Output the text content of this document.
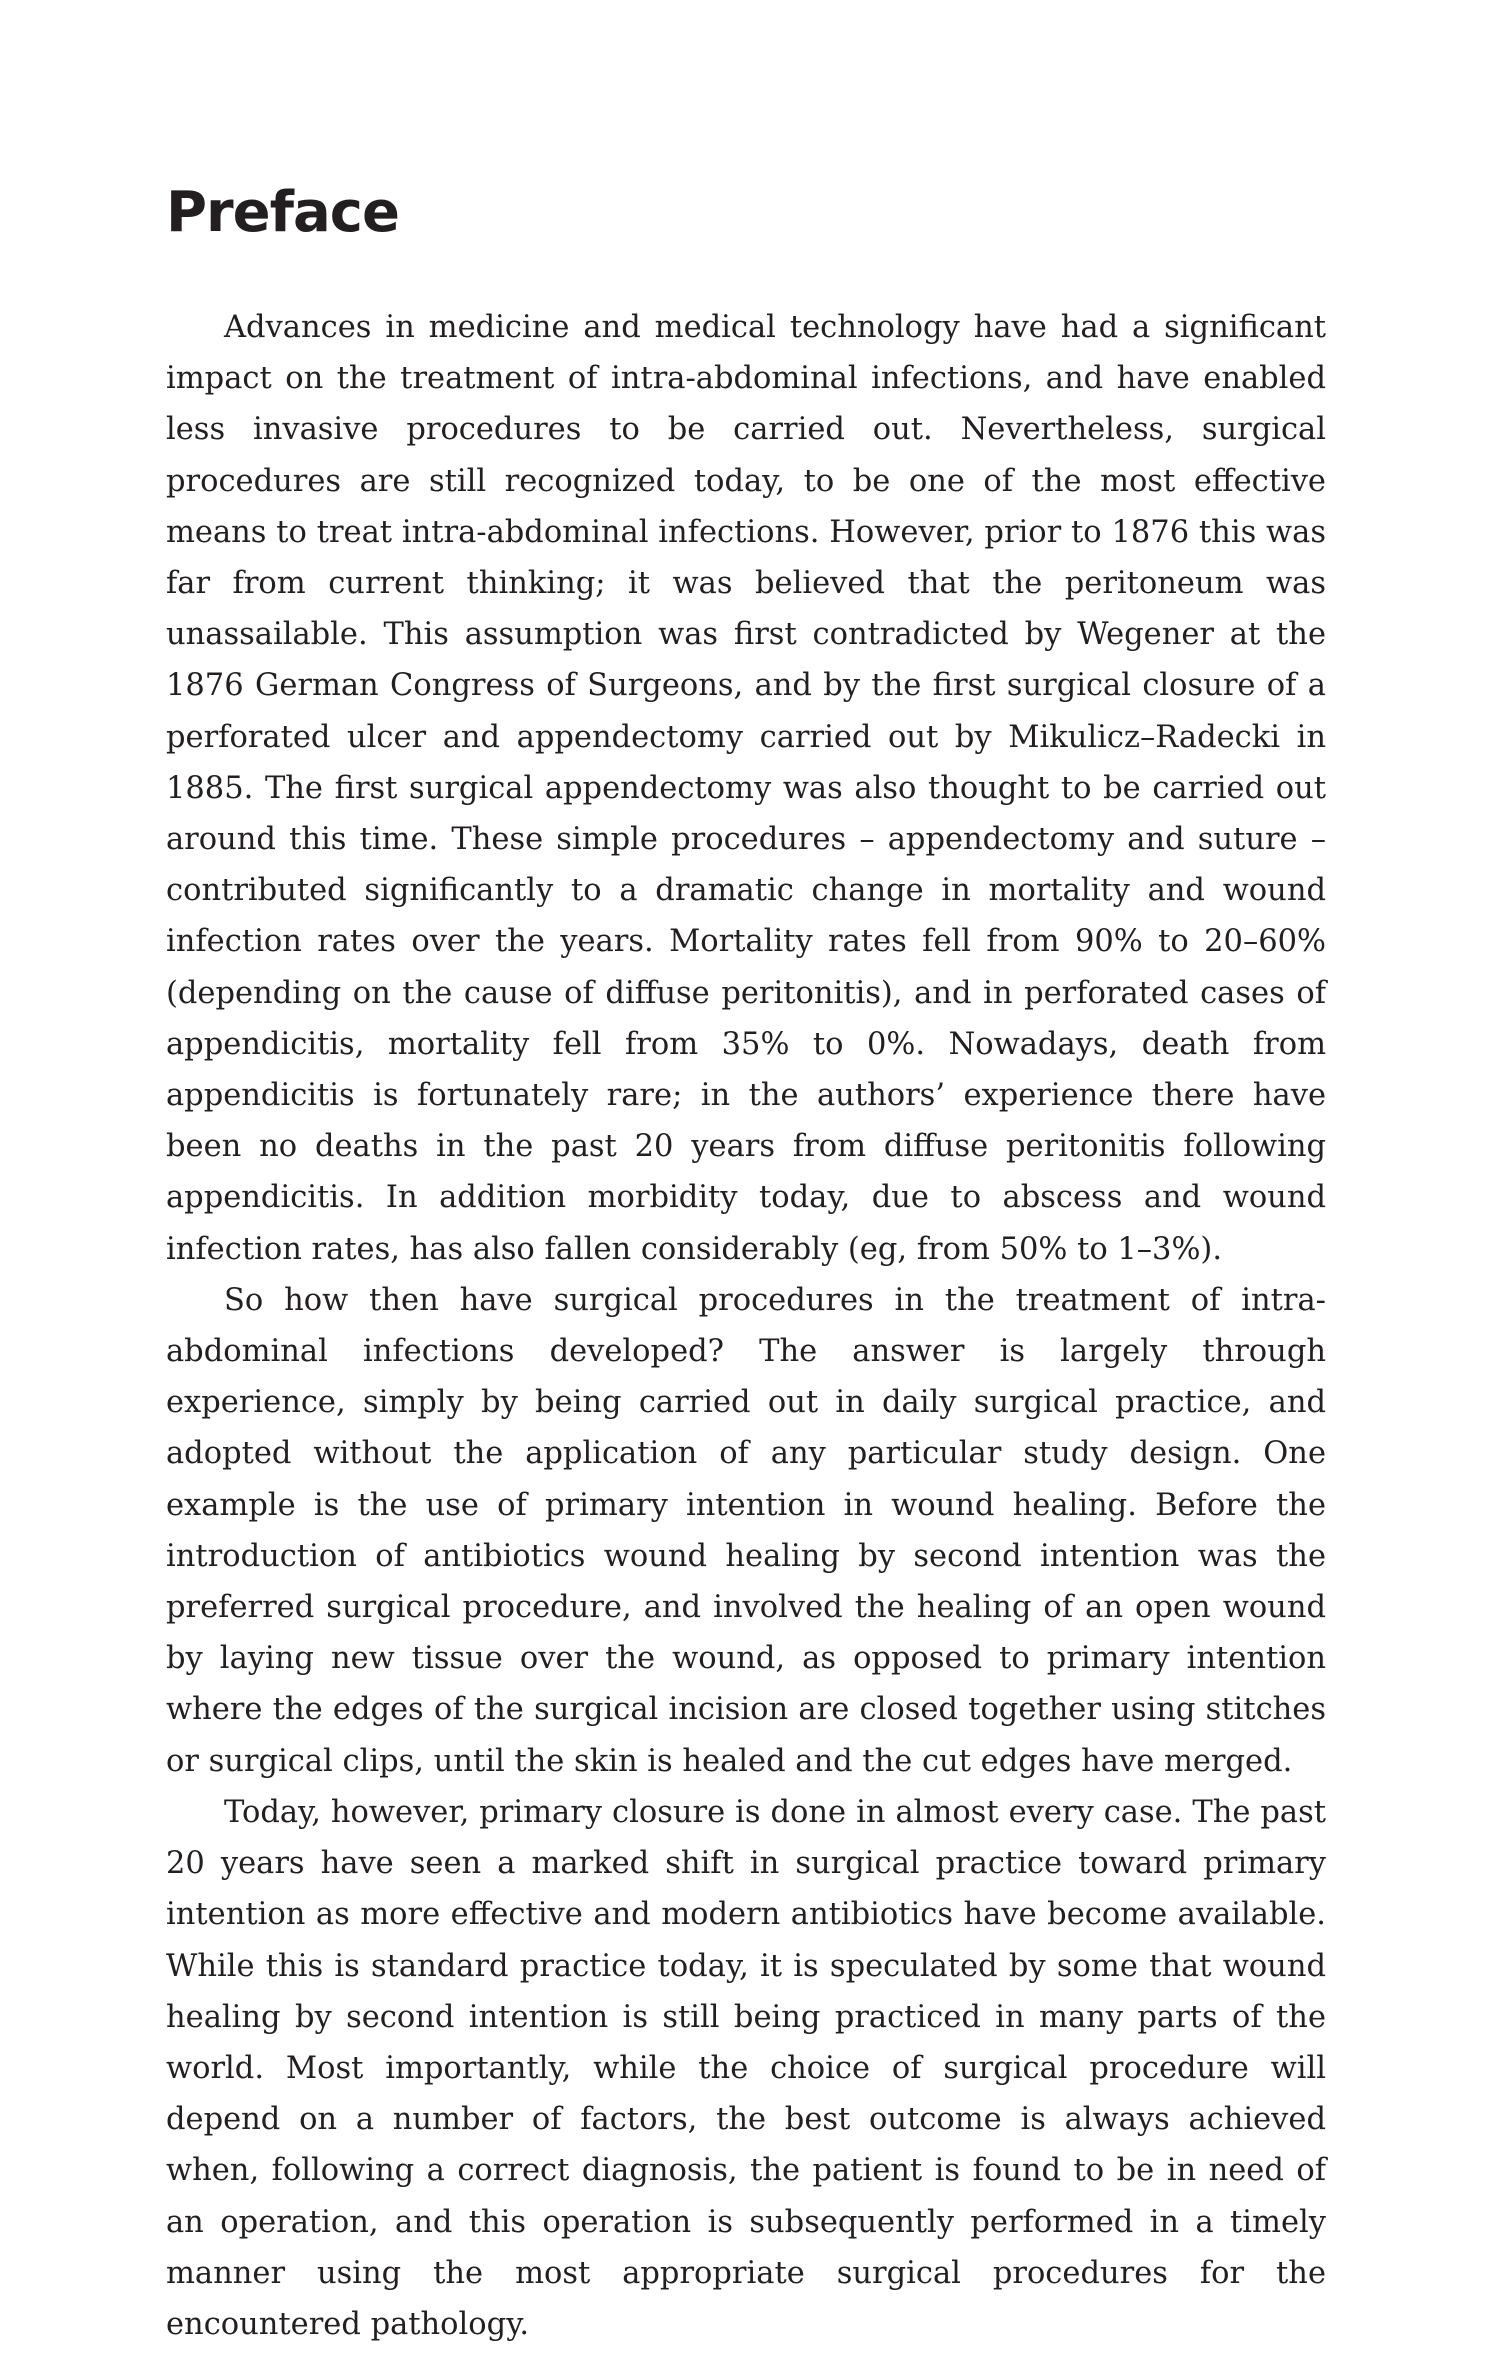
Preface

Advances in medicine and medical technology have had a significant impact on the treatment of intra-abdominal infections, and have enabled less invasive procedures to be carried out. Nevertheless, surgical procedures are still recognized today, to be one of the most effective means to treat intra-abdominal infections. However, prior to 1876 this was far from current thinking; it was believed that the peritoneum was unassailable. This assumption was first contradicted by Wegener at the 1876 German Congress of Surgeons, and by the first surgical closure of a perforated ulcer and appendectomy carried out by Mikulicz–Radecki in 1885. The first surgical appendectomy was also thought to be carried out around this time. These simple procedures – appendectomy and suture – contributed significantly to a dramatic change in mortality and wound infection rates over the years. Mortality rates fell from 90% to 20–60% (depending on the cause of diffuse peritonitis), and in perforated cases of appendicitis, mortality fell from 35% to 0%. Nowadays, death from appendicitis is fortunately rare; in the authors’ experience there have been no deaths in the past 20 years from diffuse peritonitis following appendicitis. In addition morbidity today, due to abscess and wound infection rates, has also fallen considerably (eg, from 50% to 1–3%).

So how then have surgical procedures in the treatment of intra-abdominal infections developed? The answer is largely through experience, simply by being carried out in daily surgical practice, and adopted without the application of any particular study design. One example is the use of primary intention in wound healing. Before the introduction of antibiotics wound healing by second intention was the preferred surgical procedure, and involved the healing of an open wound by laying new tissue over the wound, as opposed to primary intention where the edges of the surgical incision are closed together using stitches or surgical clips, until the skin is healed and the cut edges have merged.

Today, however, primary closure is done in almost every case. The past 20 years have seen a marked shift in surgical practice toward primary intention as more effective and modern antibiotics have become available. While this is standard practice today, it is speculated by some that wound healing by second intention is still being practiced in many parts of the world. Most importantly, while the choice of surgical procedure will depend on a number of factors, the best outcome is always achieved when, following a correct diagnosis, the patient is found to be in need of an operation, and this operation is subsequently performed in a timely manner using the most appropriate surgical procedures for the encountered pathology.
